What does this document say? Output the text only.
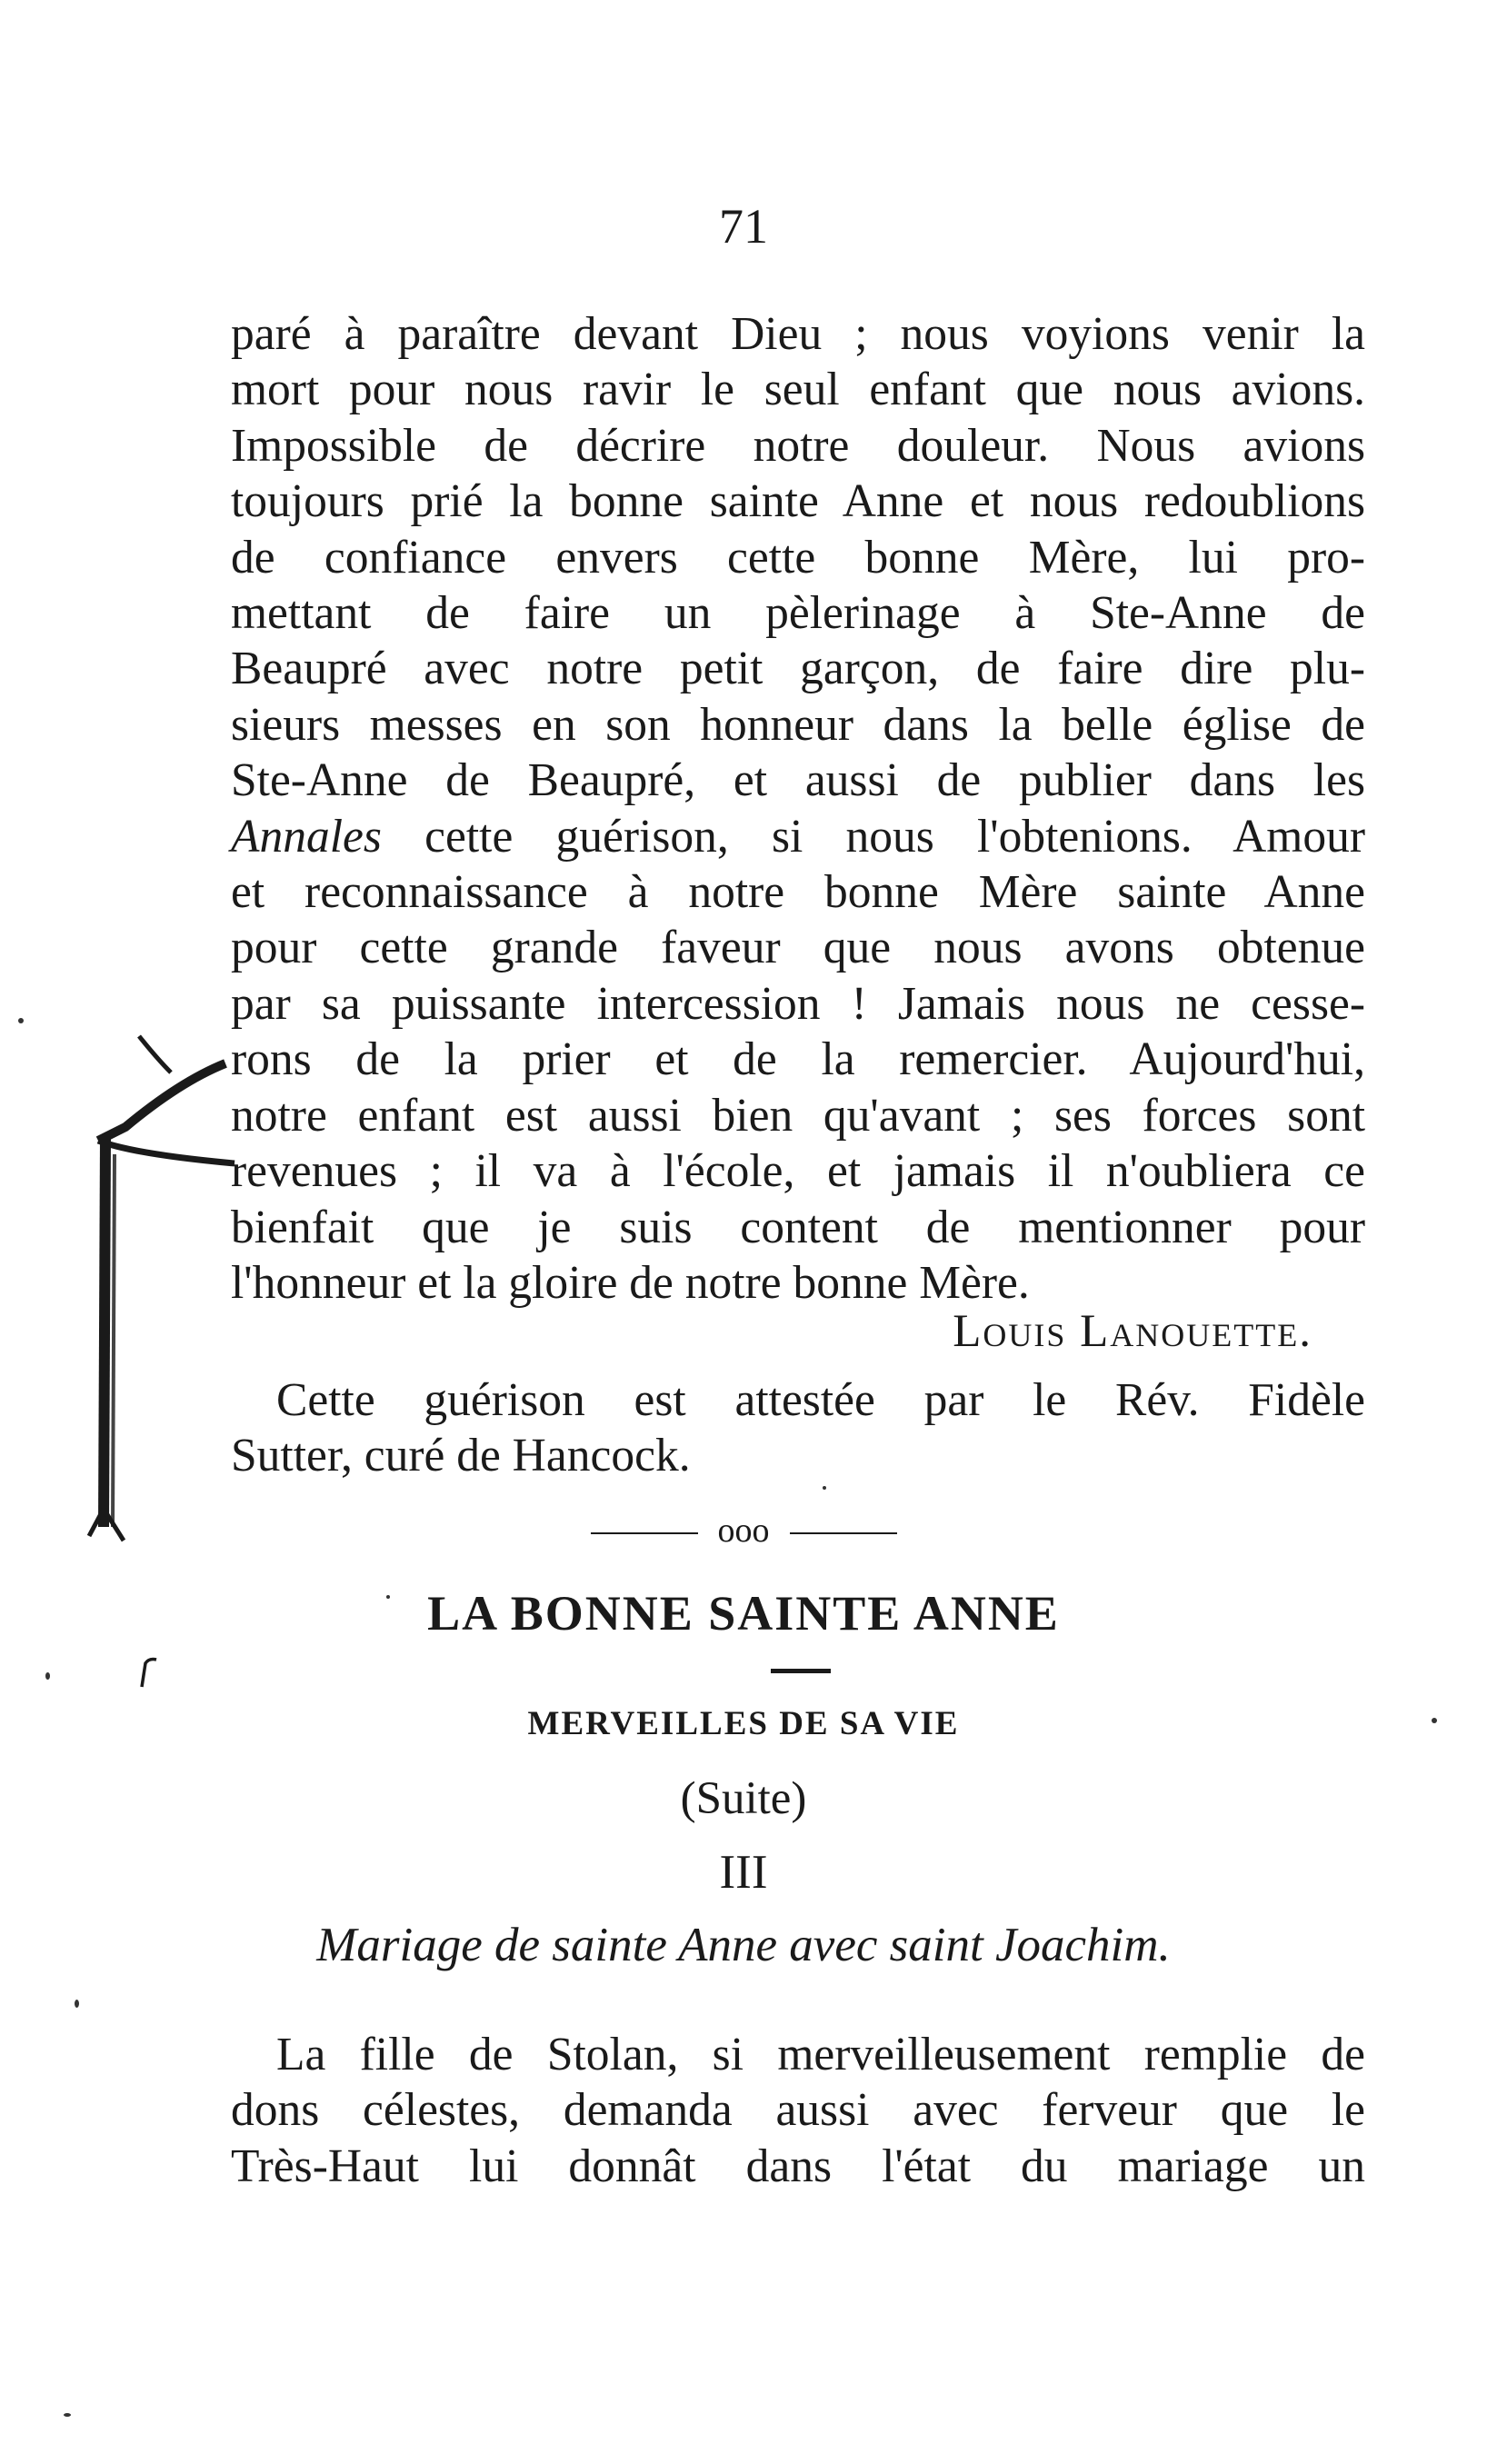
71
paré à paraître devant Dieu ; nous voyions venir la
mort pour nous ravir le seul enfant que nous avions.
Impossible de décrire notre douleur. Nous avions
toujours prié la bonne sainte Anne et nous redoublions
de confiance envers cette bonne Mère, lui pro-
mettant de faire un pèlerinage à Ste-Anne de
Beaupré avec notre petit garçon, de faire dire plu-
sieurs messes en son honneur dans la belle église de
Ste-Anne de Beaupré, et aussi de publier dans les
Annales cette guérison, si nous l'obtenions. Amour
et reconnaissance à notre bonne Mère sainte Anne
pour cette grande faveur que nous avons obtenue
par sa puissante intercession ! Jamais nous ne cesse-
rons de la prier et de la remercier. Aujourd'hui,
notre enfant est aussi bien qu'avant ; ses forces sont
revenues ; il va à l'école, et jamais il n'oubliera ce
bienfait que je suis content de mentionner pour
l'honneur et la gloire de notre bonne Mère.
Louis Lanouette.
Cette guérison est attestée par le Rév. Fidèle
Sutter, curé de Hancock.
ooo
LA BONNE SAINTE ANNE
MERVEILLES DE SA VIE
(Suite)
III
Mariage de sainte Anne avec saint Joachim.
La fille de Stolan, si merveilleusement remplie de
dons célestes, demanda aussi avec ferveur que le
Très-Haut lui donnât dans l'état du mariage un
